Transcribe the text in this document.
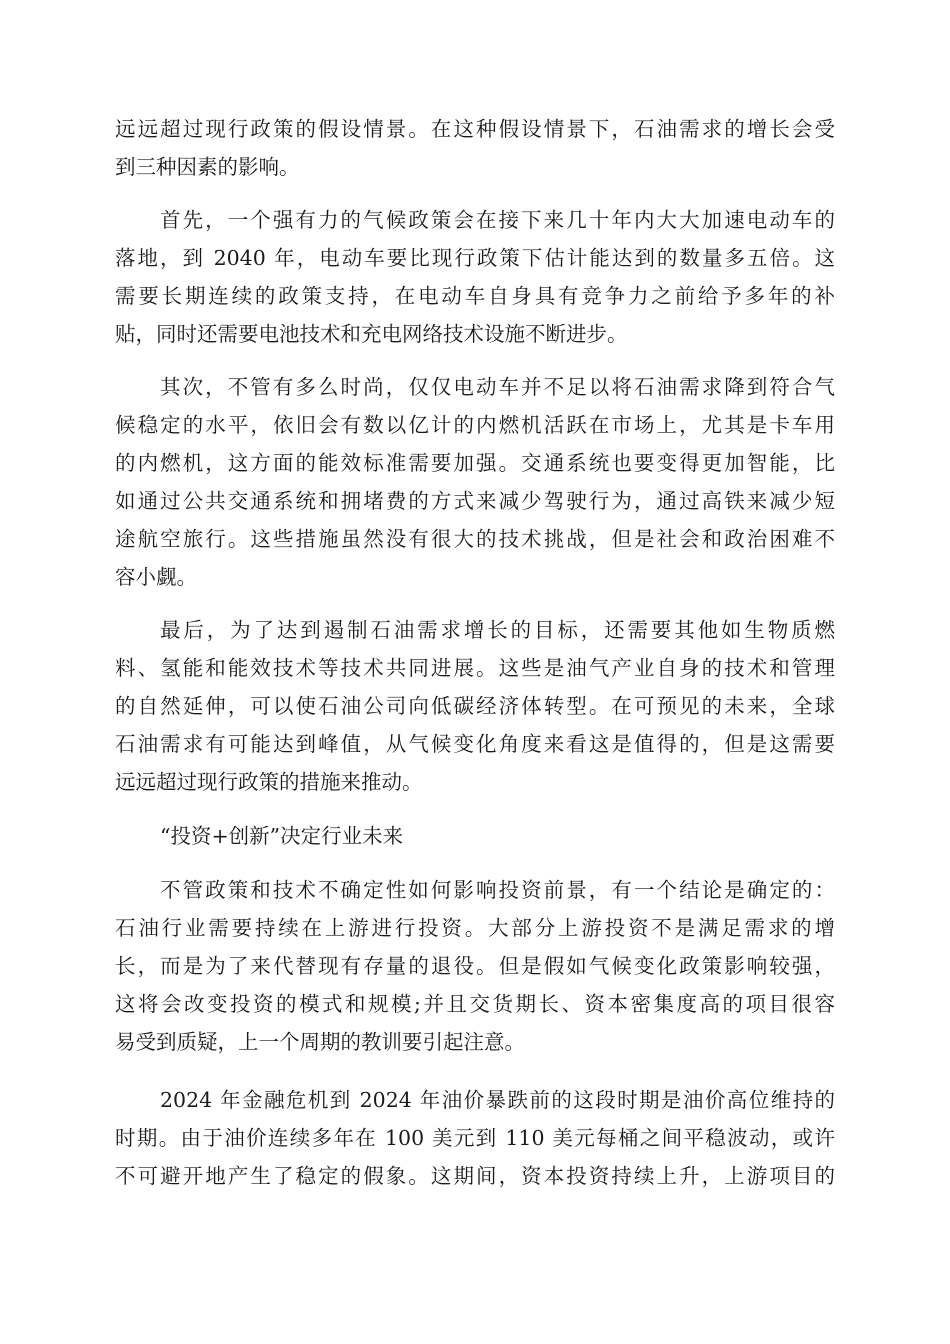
远远超过现行政策的假设情景。在这种假设情景下，石油需求的增长会受

到三种因素的影响。

首先，一个强有力的气候政策会在接下来几十年内大大加速电动车的

落地，到 2040 年，电动车要比现行政策下估计能达到的数量多五倍。这

需要长期连续的政策支持，在电动车自身具有竞争力之前给予多年的补

贴，同时还需要电池技术和充电网络技术设施不断进步。

其次，不管有多么时尚，仅仅电动车并不足以将石油需求降到符合气

候稳定的水平，依旧会有数以亿计的内燃机活跃在市场上，尤其是卡车用

的内燃机，这方面的能效标准需要加强。交通系统也要变得更加智能，比

如通过公共交通系统和拥堵费的方式来减少驾驶行为，通过高铁来减少短

途航空旅行。这些措施虽然没有很大的技术挑战，但是社会和政治困难不

容小觑。

最后，为了达到遏制石油需求增长的目标，还需要其他如生物质燃

料、氢能和能效技术等技术共同进展。这些是油气产业自身的技术和管理

的自然延伸，可以使石油公司向低碳经济体转型。在可预见的未来，全球

石油需求有可能达到峰值，从气候变化角度来看这是值得的，但是这需要

远远超过现行政策的措施来推动。

“投资+创新”决定行业未来

不管政策和技术不确定性如何影响投资前景，有一个结论是确定的：

石油行业需要持续在上游进行投资。大部分上游投资不是满足需求的增

长，而是为了来代替现有存量的退役。但是假如气候变化政策影响较强，

这将会改变投资的模式和规模;并且交货期长、资本密集度高的项目很容

易受到质疑，上一个周期的教训要引起注意。

2024 年金融危机到 2024 年油价暴跌前的这段时期是油价高位维持的

时期。由于油价连续多年在 100 美元到 110 美元每桶之间平稳波动，或许

不可避开地产生了稳定的假象。这期间，资本投资持续上升，上游项目的
